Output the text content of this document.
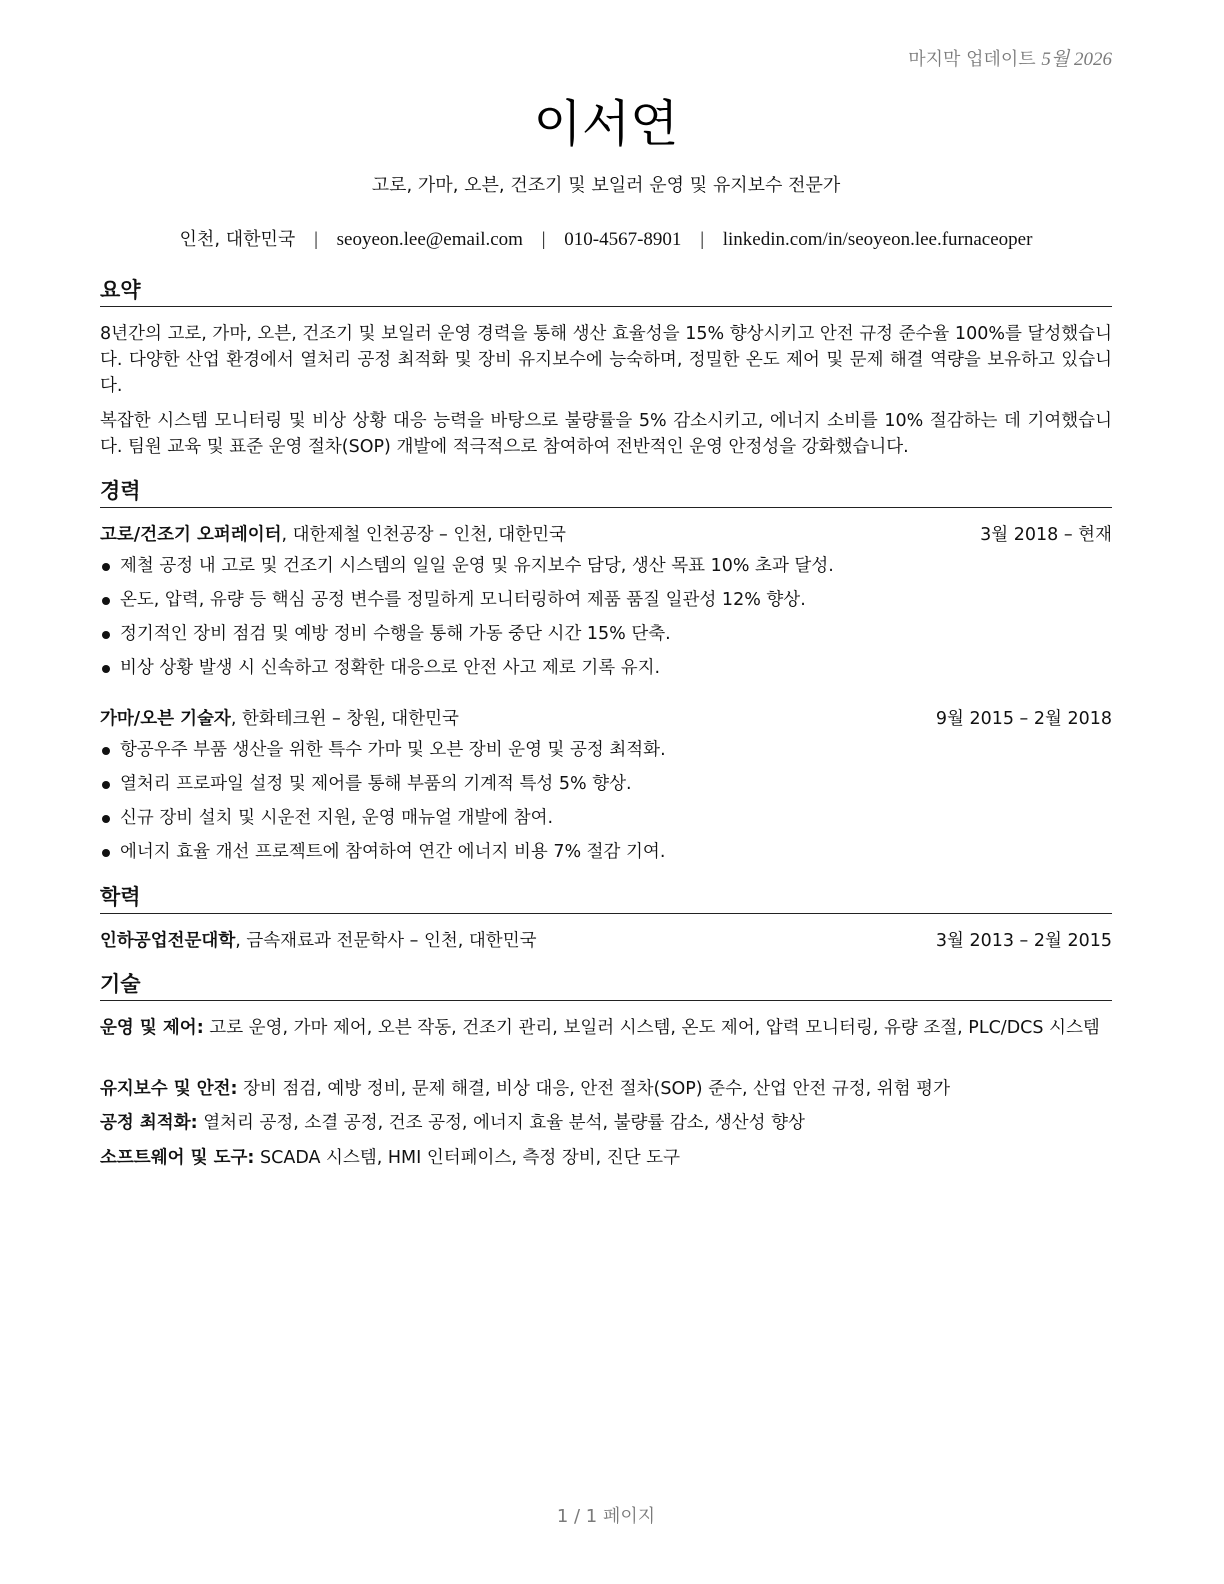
마지막 업데이트 5월 2026
이서연
고로, 가마, 오븐, 건조기 및 보일러 운영 및 유지보수 전문가
인천, 대한민국 | seoyeon.lee@email.com | 010-4567-8901 | linkedin.com/in/seoyeon.lee.furnaceoper
요약
8년간의 고로, 가마, 오븐, 건조기 및 보일러 운영 경력을 통해 생산 효율성을 15% 향상시키고 안전 규정 준수율 100%를 달성했습니다. 다양한 산업 환경에서 열처리 공정 최적화 및 장비 유지보수에 능숙하며, 정밀한 온도 제어 및 문제 해결 역량을 보유하고 있습니다.
복잡한 시스템 모니터링 및 비상 상황 대응 능력을 바탕으로 불량률을 5% 감소시키고, 에너지 소비를 10% 절감하는 데 기여했습니다. 팀원 교육 및 표준 운영 절차(SOP) 개발에 적극적으로 참여하여 전반적인 운영 안정성을 강화했습니다.
경력
고로/건조기 오퍼레이터, 대한제철 인천공장 – 인천, 대한민국	3월 2018 – 현재
제철 공정 내 고로 및 건조기 시스템의 일일 운영 및 유지보수 담당, 생산 목표 10% 초과 달성.
온도, 압력, 유량 등 핵심 공정 변수를 정밀하게 모니터링하여 제품 품질 일관성 12% 향상.
정기적인 장비 점검 및 예방 정비 수행을 통해 가동 중단 시간 15% 단축.
비상 상황 발생 시 신속하고 정확한 대응으로 안전 사고 제로 기록 유지.
가마/오븐 기술자, 한화테크윈 – 창원, 대한민국	9월 2015 – 2월 2018
항공우주 부품 생산을 위한 특수 가마 및 오븐 장비 운영 및 공정 최적화.
열처리 프로파일 설정 및 제어를 통해 부품의 기계적 특성 5% 향상.
신규 장비 설치 및 시운전 지원, 운영 매뉴얼 개발에 참여.
에너지 효율 개선 프로젝트에 참여하여 연간 에너지 비용 7% 절감 기여.
학력
인하공업전문대학, 금속재료과 전문학사 – 인천, 대한민국	3월 2013 – 2월 2015
기술
운영 및 제어: 고로 운영, 가마 제어, 오븐 작동, 건조기 관리, 보일러 시스템, 온도 제어, 압력 모니터링, 유량 조절, PLC/DCS 시스템
유지보수 및 안전: 장비 점검, 예방 정비, 문제 해결, 비상 대응, 안전 절차(SOP) 준수, 산업 안전 규정, 위험 평가
공정 최적화: 열처리 공정, 소결 공정, 건조 공정, 에너지 효율 분석, 불량률 감소, 생산성 향상
소프트웨어 및 도구: SCADA 시스템, HMI 인터페이스, 측정 장비, 진단 도구
1 / 1 페이지
